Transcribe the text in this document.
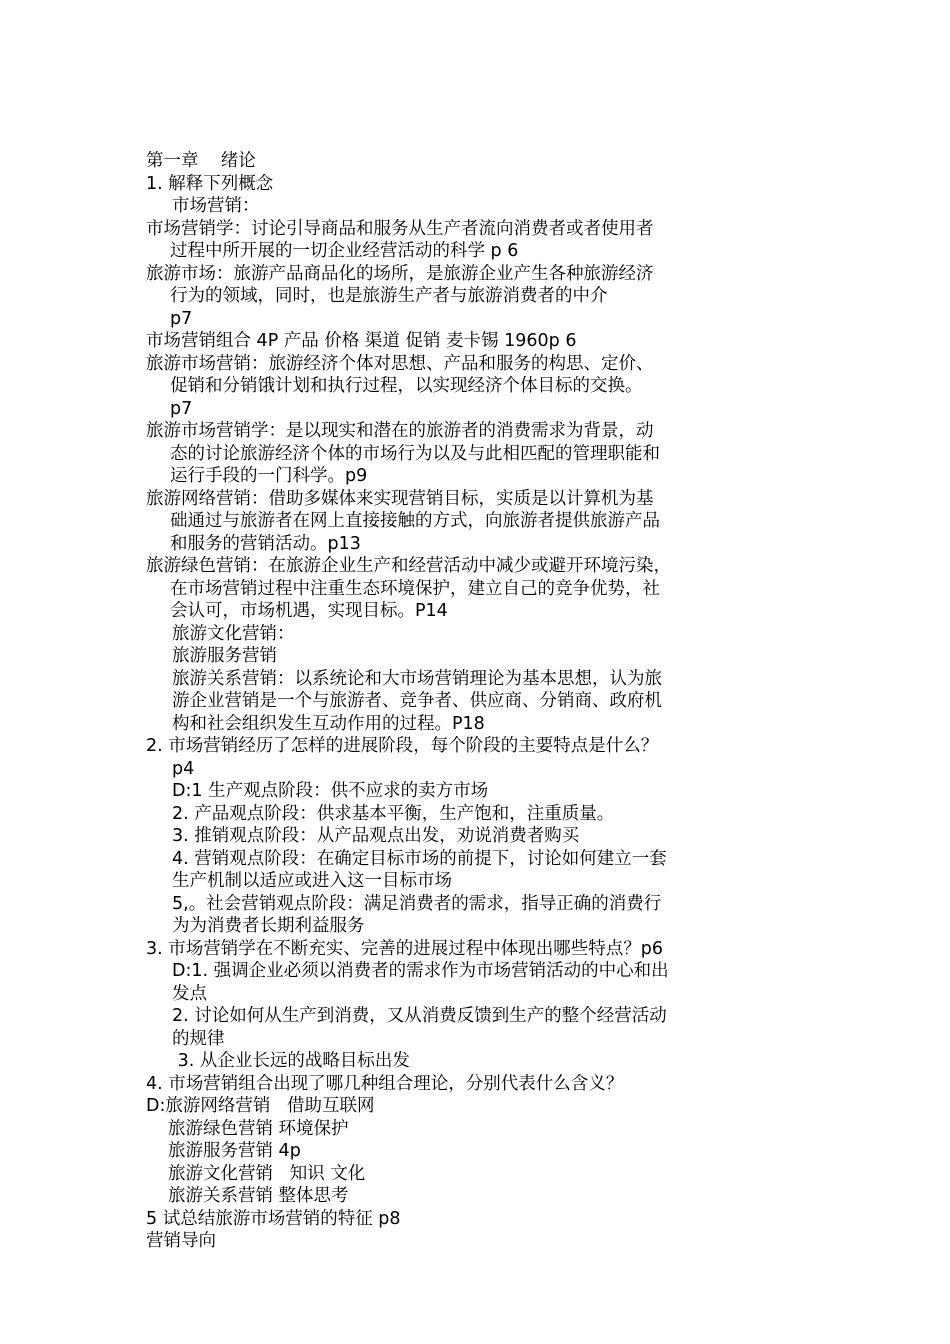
第一章    绪论
1. 解释下列概念
市场营销：
市场营销学：讨论引导商品和服务从生产者流向消费者或者使用者
过程中所开展的一切企业经营活动的科学 p 6
旅游市场：旅游产品商品化的场所，是旅游企业产生各种旅游经济
行为的领域，同时，也是旅游生产者与旅游消费者的中介
p7
市场营销组合 4P 产品 价格 渠道 促销 麦卡锡 1960p 6
旅游市场营销：旅游经济个体对思想、产品和服务的构思、定价、
促销和分销饿计划和执行过程，以实现经济个体目标的交换。
p7
旅游市场营销学：是以现实和潜在的旅游者的消费需求为背景，动
态的讨论旅游经济个体的市场行为以及与此相匹配的管理职能和
运行手段的一门科学。p9
旅游网络营销：借助多媒体来实现营销目标，实质是以计算机为基
础通过与旅游者在网上直接接触的方式，向旅游者提供旅游产品
和服务的营销活动。p13
旅游绿色营销：在旅游企业生产和经营活动中减少或避开环境污染，
在市场营销过程中注重生态环境保护，建立自己的竞争优势，社
会认可，市场机遇，实现目标。P14
旅游文化营销：
旅游服务营销
旅游关系营销：以系统论和大市场营销理论为基本思想，认为旅
游企业营销是一个与旅游者、竞争者、供应商、分销商、政府机
构和社会组织发生互动作用的过程。P18
2. 市场营销经历了怎样的进展阶段，每个阶段的主要特点是什么？
p4
D:1 生产观点阶段：供不应求的卖方市场
2. 产品观点阶段：供求基本平衡，生产饱和，注重质量。
3. 推销观点阶段：从产品观点出发，劝说消费者购买
4. 营销观点阶段：在确定目标市场的前提下，讨论如何建立一套
生产机制以适应或进入这一目标市场
5,。社会营销观点阶段：满足消费者的需求，指导正确的消费行
为为消费者长期利益服务
3. 市场营销学在不断充实、完善的进展过程中体现出哪些特点？p6
D:1. 强调企业必须以消费者的需求作为市场营销活动的中心和出
发点
2. 讨论如何从生产到消费，又从消费反馈到生产的整个经营活动
的规律
3. 从企业长远的战略目标出发
4. 市场营销组合出现了哪几种组合理论，分别代表什么含义？
D:旅游网络营销   借助互联网
旅游绿色营销 环境保护
旅游服务营销 4p
旅游文化营销   知识 文化
旅游关系营销 整体思考
5 试总结旅游市场营销的特征 p8
营销导向
